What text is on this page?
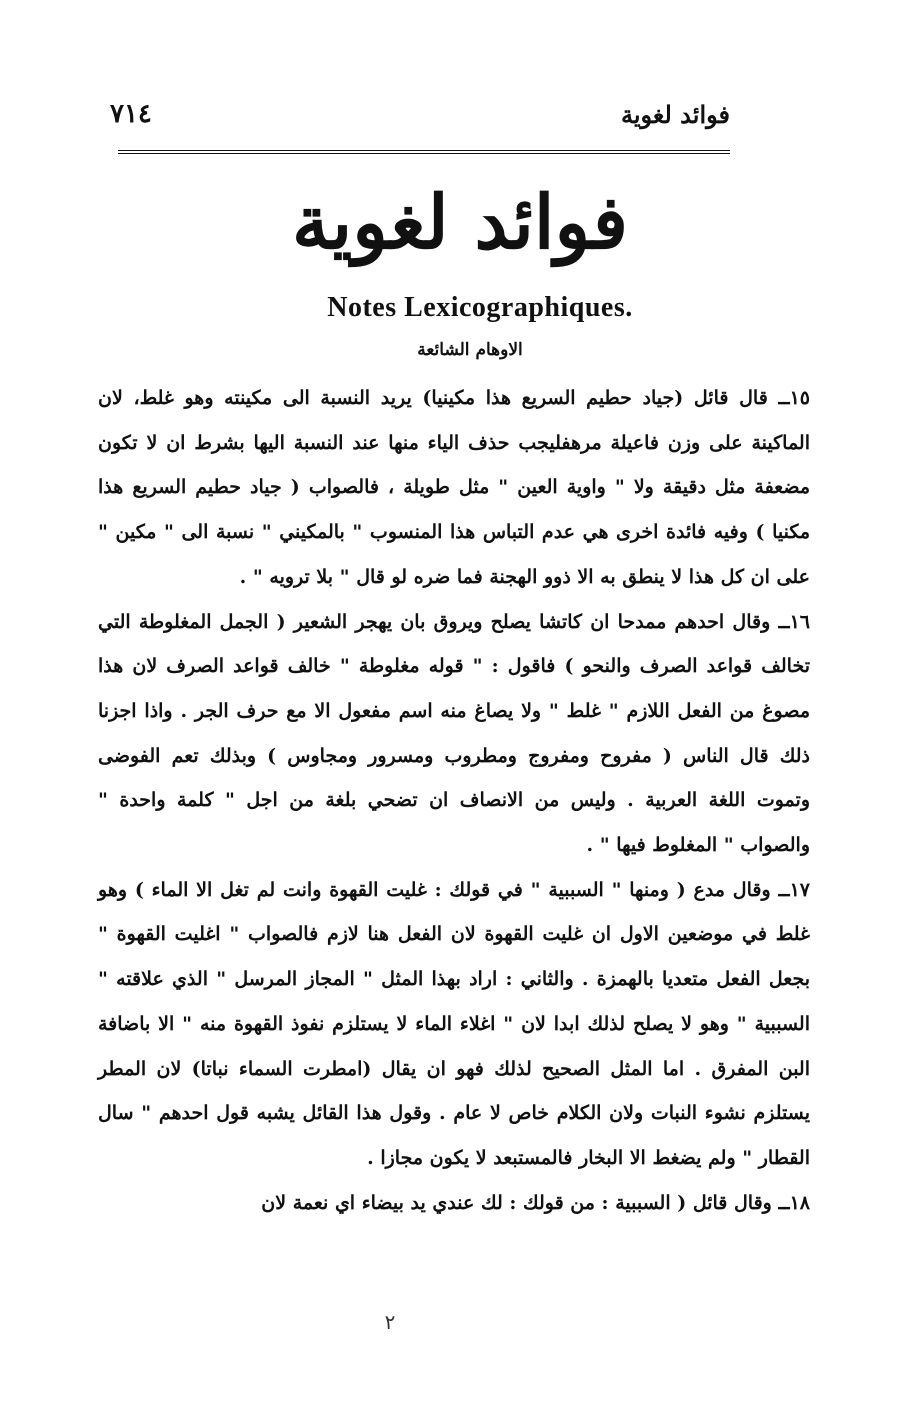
فوائد لغوية
٧١٤
فوائد لغوية
Notes Lexicographiques.
الاوهام الشائعة

١٥ــ قال قائل (جياد حطيم السريع هذا مكينيا) يريد النسبة الى مكينته وهو غلط، لان الماكينة على وزن فاعيلة مرهفليجب حذف الياء منها عند النسبة اليها بشرط ان لا تكون مضعفة مثل دقيقة ولا " واوية العين " مثل طويلة ، فالصواب ( جياد حطيم السريع هذا مكنيا ) وفيه فائدة اخرى هي عدم التباس هذا المنسوب " بالمكيني " نسبة الى " مكين " على ان كل هذا لا ينطق به الا ذوو الهجنة فما ضره لو قال " بلا ترويه " .

١٦ــ وقال احدهم ممدحا ان كاتشا يصلح ويروق بان يهجر الشعير ( الجمل المغلوطة التي تخالف قواعد الصرف والنحو ) فاقول : " قوله مغلوطة " خالف قواعد الصرف لان هذا مصوغ من الفعل اللازم " غلط " ولا يصاغ منه اسم مفعول الا مع حرف الجر . واذا اجزنا ذلك قال الناس ( مفروح ومفروج ومطروب ومسرور ومجاوس ) وبذلك تعم الفوضى وتموت اللغة العربية . وليس من الانصاف ان تضحي بلغة من اجل " كلمة واحدة " والصواب " المغلوط فيها " .

١٧ــ وقال مدع ( ومنها " السببية " في قولك : غليت القهوة وانت لم تغل الا الماء ) وهو غلط في موضعين الاول ان غليت القهوة لان الفعل هنا لازم فالصواب " اغليت القهوة " بجعل الفعل متعديا بالهمزة . والثاني : اراد بهذا المثل " المجاز المرسل " الذي علاقته " السببية " وهو لا يصلح لذلك ابدا لان " اغلاء الماء لا يستلزم نفوذ القهوة منه " الا باضافة البن المفرق . اما المثل الصحيح لذلك فهو ان يقال (امطرت السماء نباتا) لان المطر يستلزم نشوء النبات ولان الكلام خاص لا عام . وقول هذا القائل يشبه قول احدهم " سال القطار " ولم يضغط الا البخار فالمستبعد لا يكون مجازا .

١٨ــ وقال قائل ( السببية : من قولك : لك عندي يد بيضاء اي نعمة لان

٢
